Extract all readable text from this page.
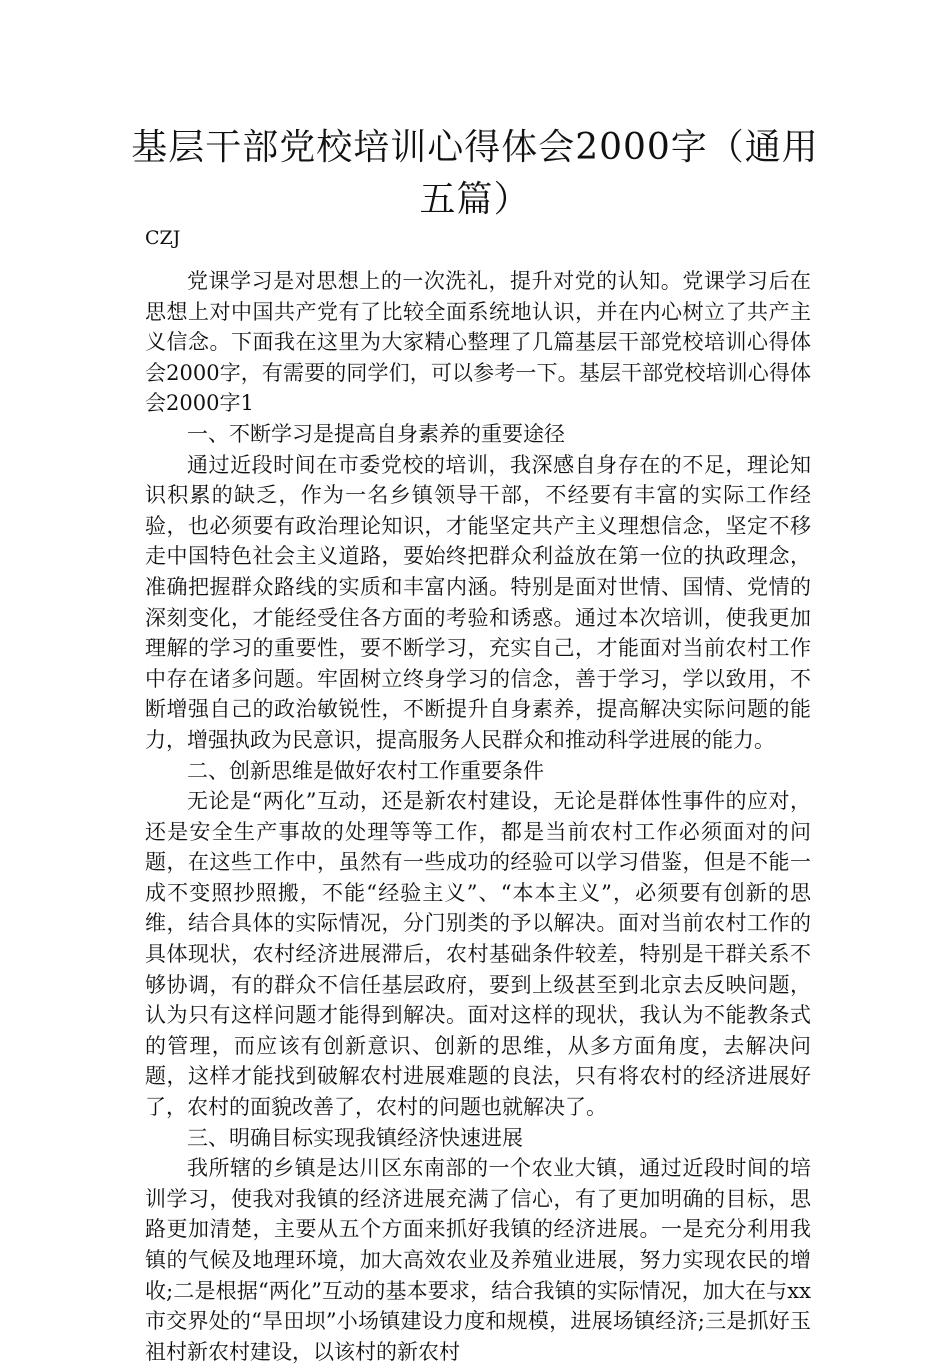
基层干部党校培训心得体会2000字（通用五篇）

CZJ

党课学习是对思想上的一次洗礼，提升对党的认知。党课学习后在思想上对中国共产党有了比较全面系统地认识，并在内心树立了共产主义信念。下面我在这里为大家精心整理了几篇基层干部党校培训心得体会2000字，有需要的同学们，可以参考一下。基层干部党校培训心得体会2000字1

一、不断学习是提高自身素养的重要途径

通过近段时间在市委党校的培训，我深感自身存在的不足，理论知识积累的缺乏，作为一名乡镇领导干部，不经要有丰富的实际工作经验，也必须要有政治理论知识，才能坚定共产主义理想信念，坚定不移走中国特色社会主义道路，要始终把群众利益放在第一位的执政理念，准确把握群众路线的实质和丰富内涵。特别是面对世情、国情、党情的深刻变化，才能经受住各方面的考验和诱惑。通过本次培训，使我更加理解的学习的重要性，要不断学习，充实自己，才能面对当前农村工作中存在诸多问题。牢固树立终身学习的信念，善于学习，学以致用，不断增强自己的政治敏锐性，不断提升自身素养，提高解决实际问题的能力，增强执政为民意识，提高服务人民群众和推动科学进展的能力。

二、创新思维是做好农村工作重要条件

无论是“两化”互动，还是新农村建设，无论是群体性事件的应对，还是安全生产事故的处理等等工作，都是当前农村工作必须面对的问题，在这些工作中，虽然有一些成功的经验可以学习借鉴，但是不能一成不变照抄照搬，不能“经验主义”、“本本主义”，必须要有创新的思维，结合具体的实际情况，分门别类的予以解决。面对当前农村工作的具体现状，农村经济进展滞后，农村基础条件较差，特别是干群关系不够协调，有的群众不信任基层政府，要到上级甚至到北京去反映问题，认为只有这样问题才能得到解决。面对这样的现状，我认为不能教条式的管理，而应该有创新意识、创新的思维，从多方面角度，去解决问题，这样才能找到破解农村进展难题的良法，只有将农村的经济进展好了，农村的面貌改善了，农村的问题也就解决了。

三、明确目标实现我镇经济快速进展

我所辖的乡镇是达川区东南部的一个农业大镇，通过近段时间的培训学习，使我对我镇的经济进展充满了信心，有了更加明确的目标，思路更加清楚，主要从五个方面来抓好我镇的经济进展。一是充分利用我镇的气候及地理环境，加大高效农业及养殖业进展，努力实现农民的增收;二是根据“两化”互动的基本要求，结合我镇的实际情况，加大在与xx市交界处的“旱田坝”小场镇建设力度和规模，进展场镇经济;三是抓好玉祖村新农村建设，以该村的新农村
